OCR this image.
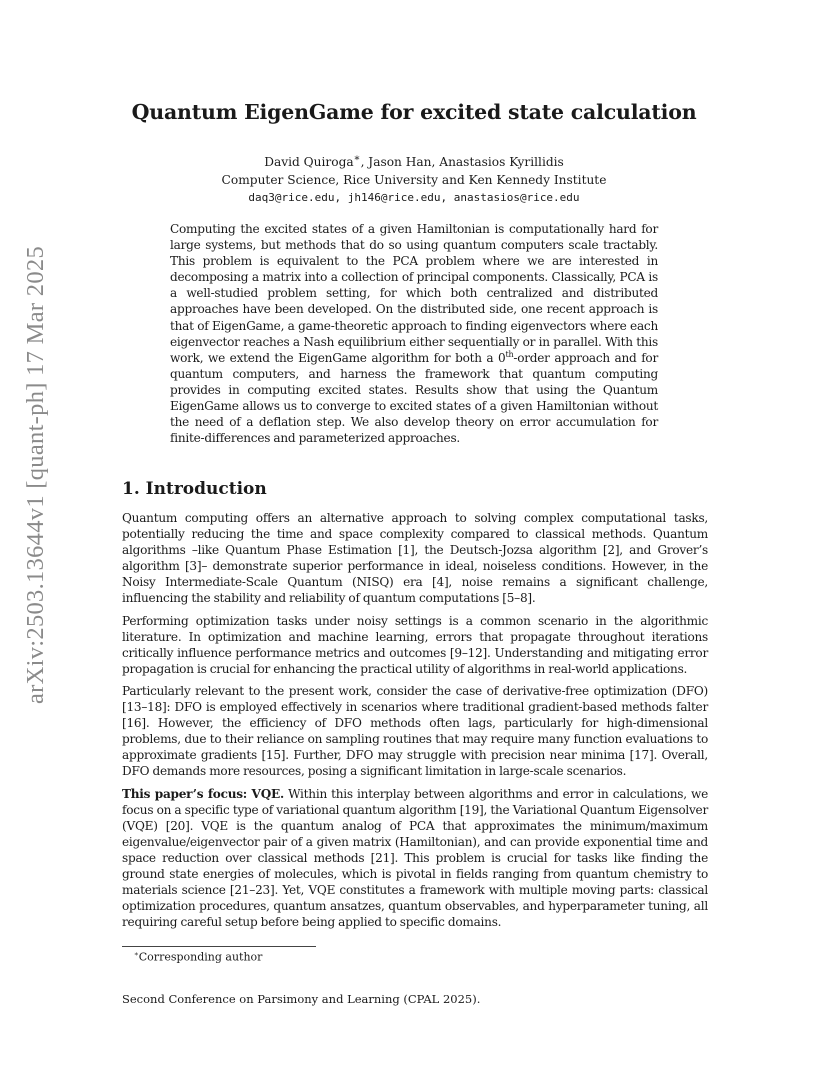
arXiv:2503.13644v1 [quant-ph] 17 Mar 2025
Quantum EigenGame for excited state calculation
David Quiroga∗, Jason Han, Anastasios Kyrillidis
Computer Science, Rice University and Ken Kennedy Institute
daq3@rice.edu, jh146@rice.edu, anastasios@rice.edu
Computing the excited states of a given Hamiltonian is computationally hard for large systems, but methods that do so using quantum computers scale tractably. This problem is equivalent to the PCA problem where we are interested in decomposing a matrix into a collection of principal components. Classically, PCA is a well-studied problem setting, for which both centralized and distributed approaches have been developed. On the distributed side, one recent approach is that of EigenGame, a game-theoretic approach to finding eigenvectors where each eigenvector reaches a Nash equilibrium either sequentially or in parallel. With this work, we extend the EigenGame algorithm for both a 0th-order approach and for quantum computers, and harness the framework that quantum computing provides in computing excited states. Results show that using the Quantum EigenGame allows us to converge to excited states of a given Hamiltonian without the need of a deflation step. We also develop theory on error accumulation for finite-differences and parameterized approaches.
1. Introduction

Quantum computing offers an alternative approach to solving complex computational tasks, potentially reducing the time and space complexity compared to classical methods. Quantum algorithms –like Quantum Phase Estimation [1], the Deutsch-Jozsa algorithm [2], and Grover’s algorithm [3]– demonstrate superior performance in ideal, noiseless conditions. However, in the Noisy Intermediate-Scale Quantum (NISQ) era [4], noise remains a significant challenge, influencing the stability and reliability of quantum computations [5–8].

Performing optimization tasks under noisy settings is a common scenario in the algorithmic literature. In optimization and machine learning, errors that propagate throughout iterations critically influence performance metrics and outcomes [9–12]. Understanding and mitigating error propagation is crucial for enhancing the practical utility of algorithms in real-world applications.

Particularly relevant to the present work, consider the case of derivative-free optimization (DFO) [13–18]: DFO is employed effectively in scenarios where traditional gradient-based methods falter [16]. However, the efficiency of DFO methods often lags, particularly for high-dimensional problems, due to their reliance on sampling routines that may require many function evaluations to approximate gradients [15]. Further, DFO may struggle with precision near minima [17]. Overall, DFO demands more resources, posing a significant limitation in large-scale scenarios.

This paper’s focus: VQE. Within this interplay between algorithms and error in calculations, we focus on a specific type of variational quantum algorithm [19], the Variational Quantum Eigensolver (VQE) [20]. VQE is the quantum analog of PCA that approximates the minimum/maximum eigenvalue/eigenvector pair of a given matrix (Hamiltonian), and can provide exponential time and space reduction over classical methods [21]. This problem is crucial for tasks like finding the ground state energies of molecules, which is pivotal in fields ranging from quantum chemistry to materials science [21–23]. Yet, VQE constitutes a framework with multiple moving parts: classical optimization procedures, quantum ansatzes, quantum observables, and hyperparameter tuning, all requiring careful setup before being applied to specific domains.

∗Corresponding author
Second Conference on Parsimony and Learning (CPAL 2025).
